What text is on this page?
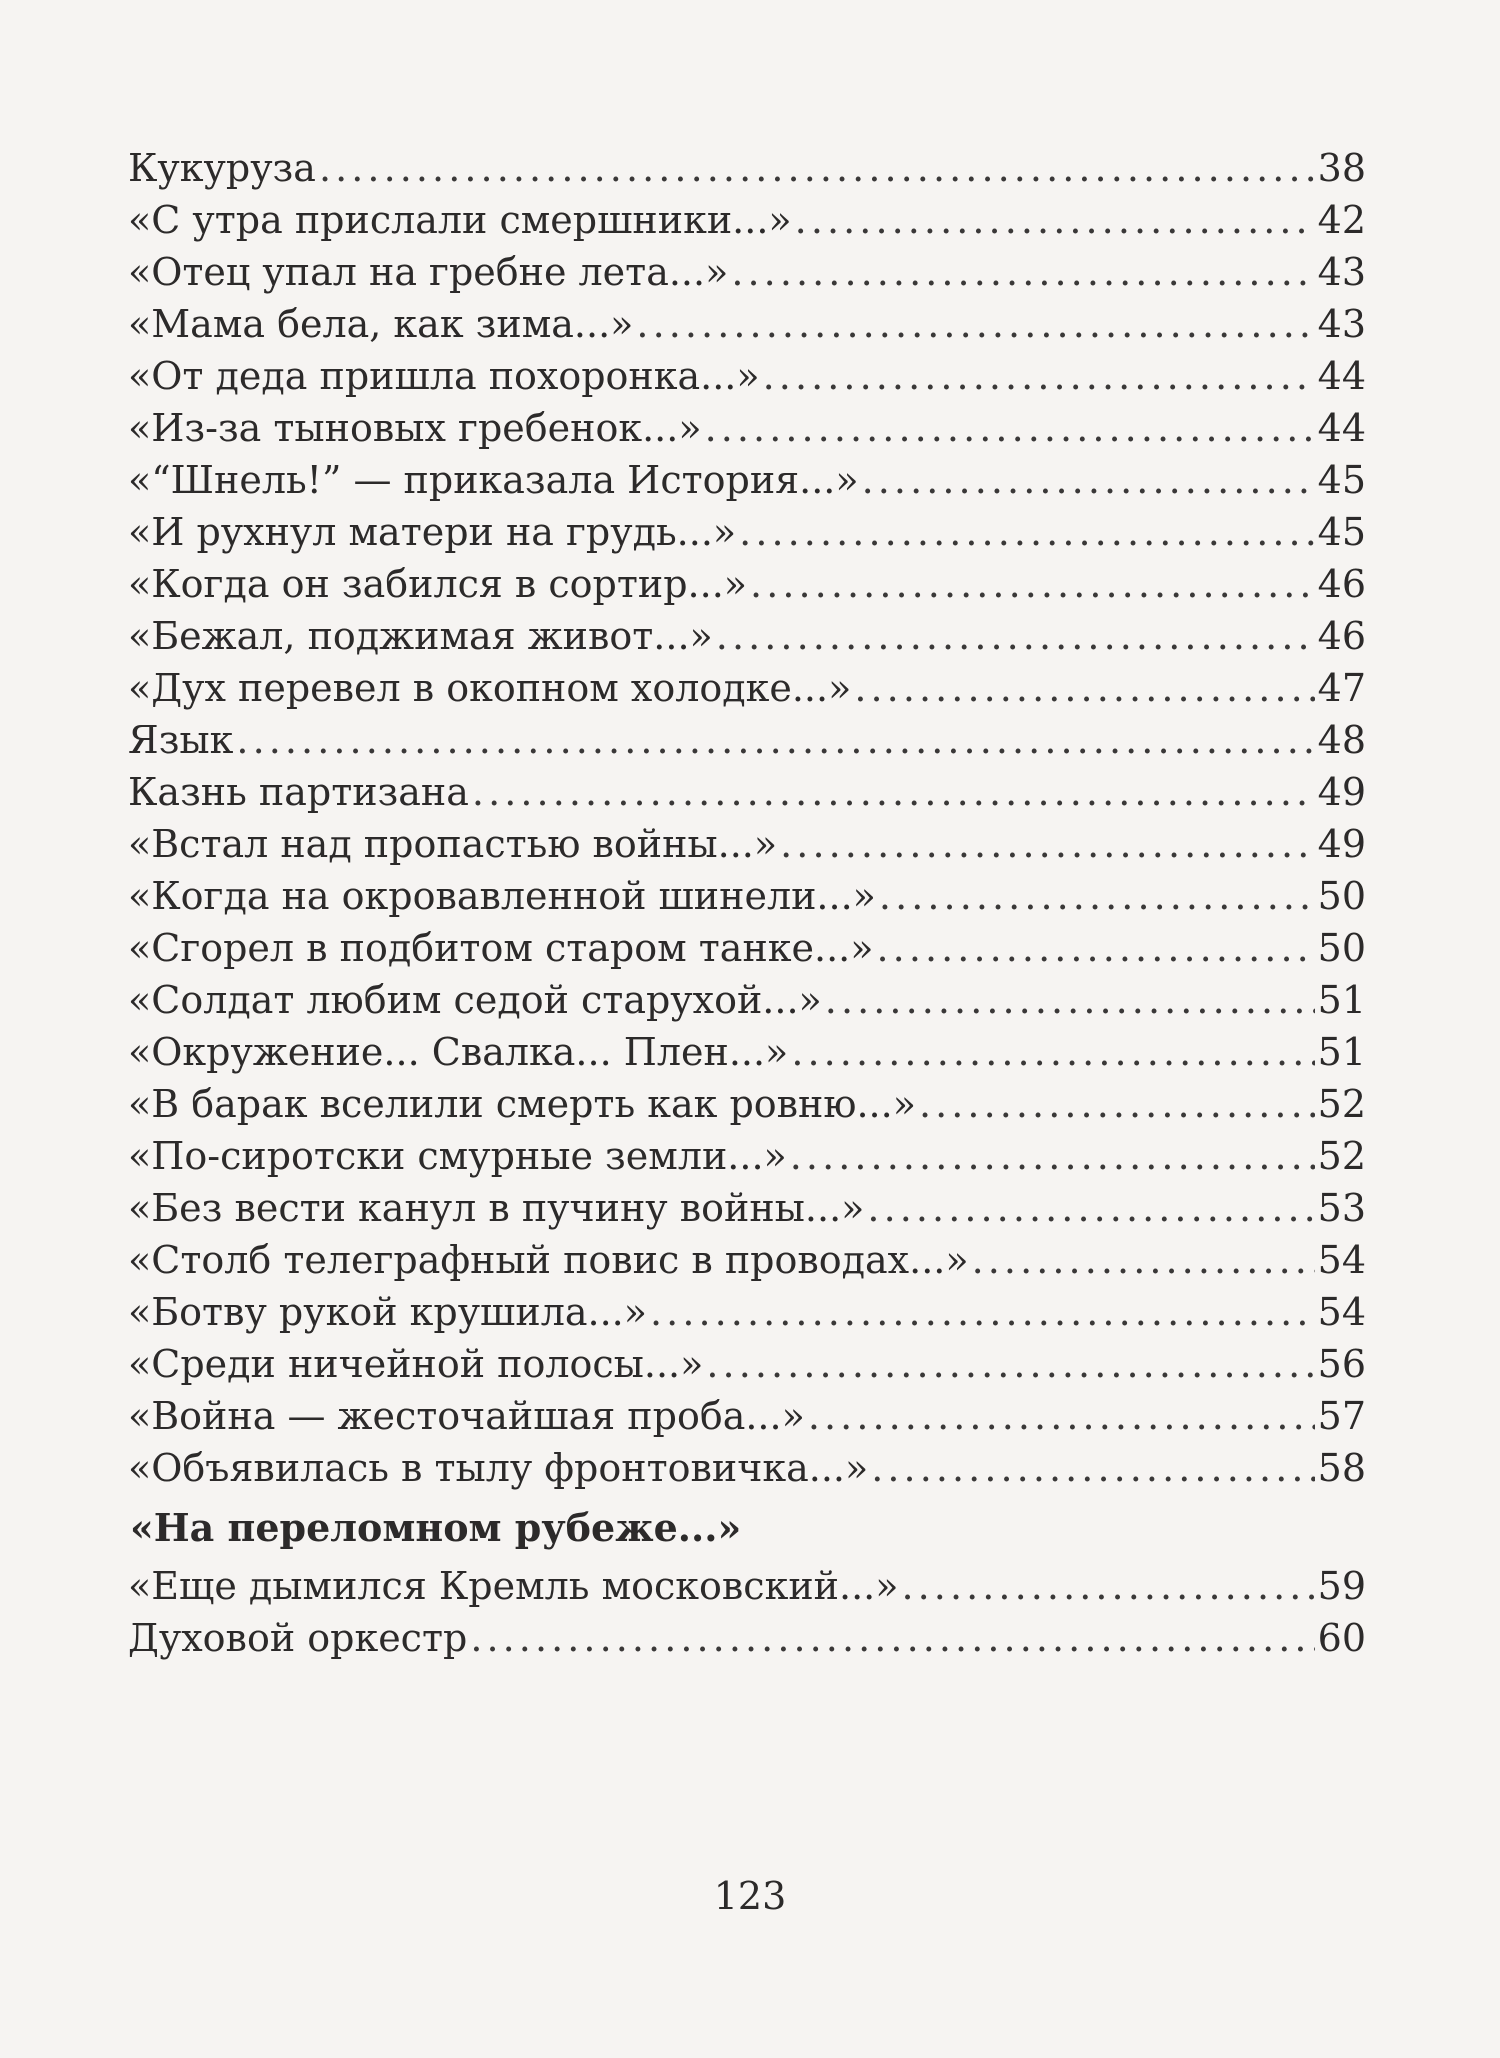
Кукуруза . . .	38
«С утра прислали смершники...» . . .	42
«Отец упал на гребне лета...» . . .	43
«Мама бела, как зима...» . . .	43
«От деда пришла похоронка...» . . .	44
«Из-за тыновых гребенок...» . . .	44
«“Шнель!” — приказала История...» . . .	45
«И рухнул матери на грудь...» . . .	45
«Когда он забился в сортир...» . . .	46
«Бежал, поджимая живот...» . . .	46
«Дух перевел в окопном холодке...» . . .	47
Язык . . .	48
Казнь партизана . . .	49
«Встал над пропастью войны...» . . .	49
«Когда на окровавленной шинели...» . . .	50
«Сгорел в подбитом старом танке...» . . .	50
«Солдат любим седой старухой...» . . .	51
«Окружение... Свалка... Плен...» . . .	51
«В барак вселили смерть как ровню...» . . .	52
«По-сиротски смурные земли...» . . .	52
«Без вести канул в пучину войны...» . . .	53
«Столб телеграфный повис в проводах...» . . .	54
«Ботву рукой крушила...» . . .	54
«Среди ничейной полосы...» . . .	56
«Война — жесточайшая проба...» . . .	57
«Объявилась в тылу фронтовичка...» . . .	58
«На переломном рубеже...»
«Еще дымился Кремль московский...» . . .	59
Духовой оркестр . . .	60
123
